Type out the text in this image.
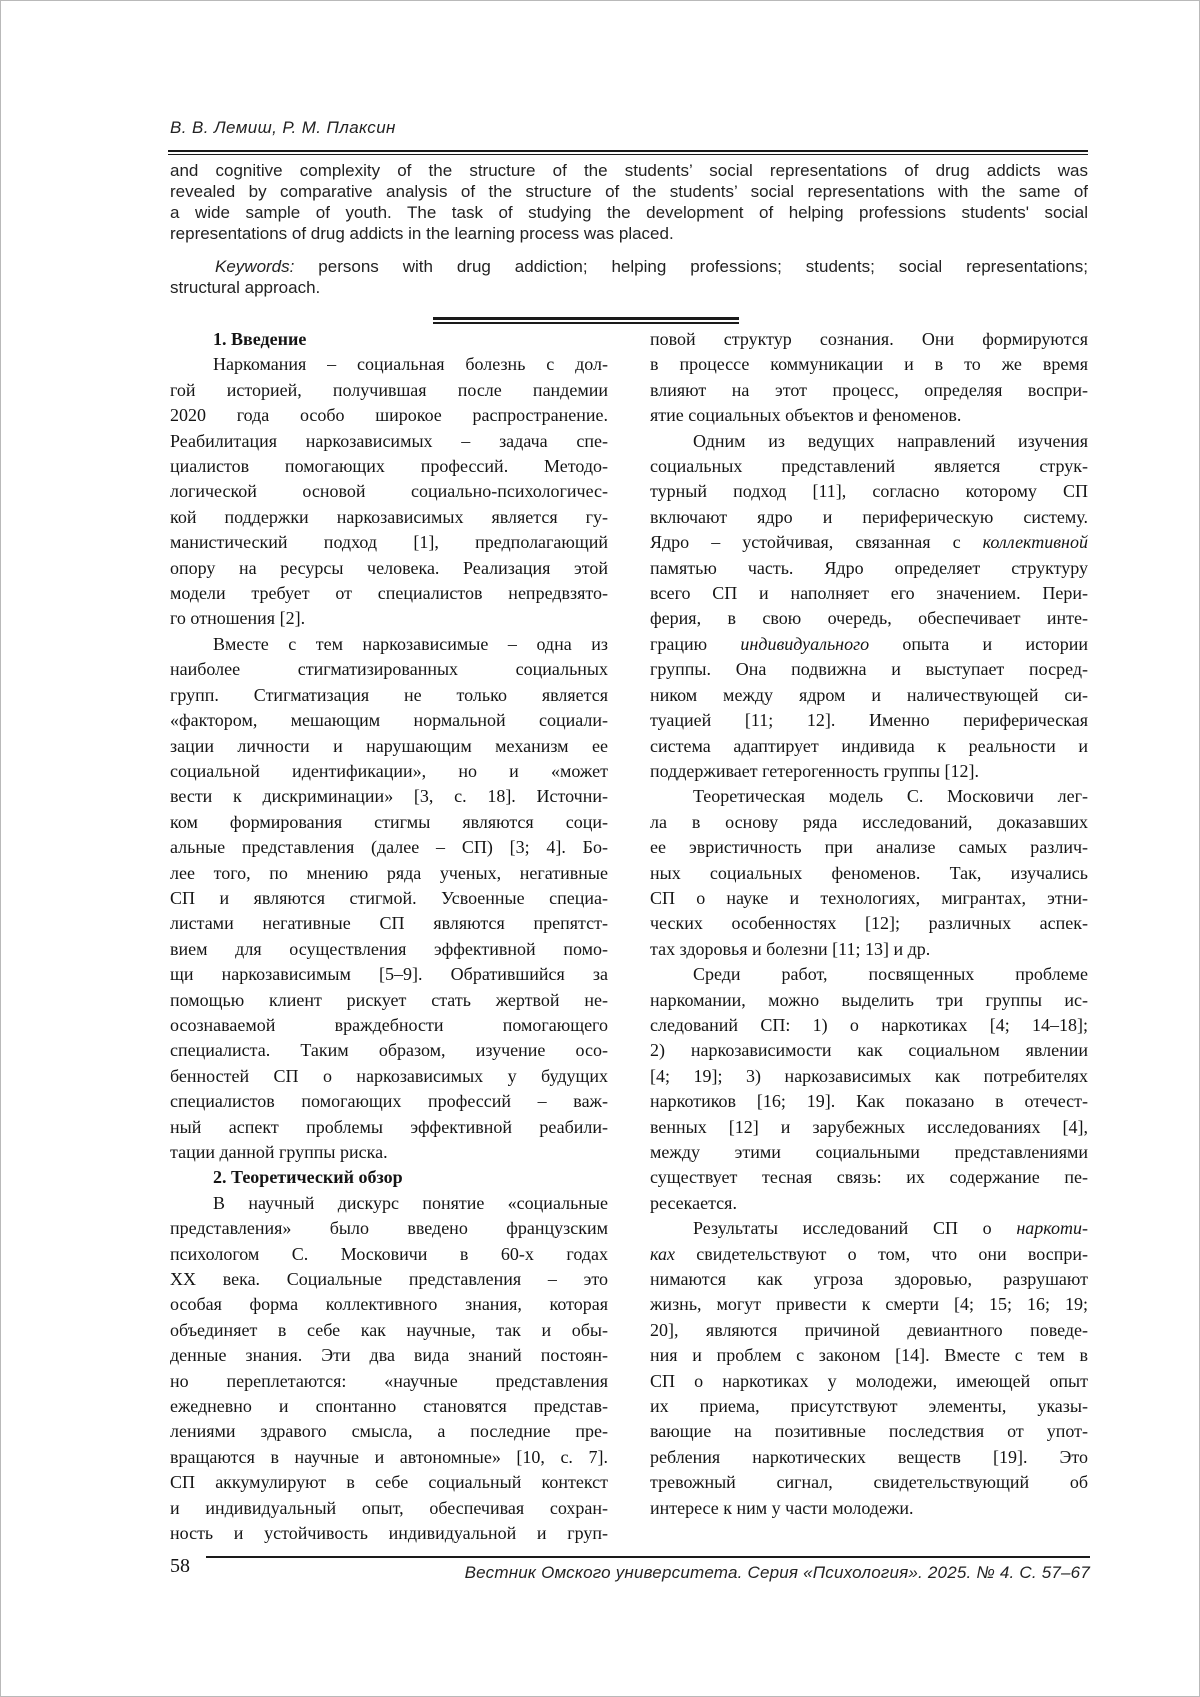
В. В. Лемиш, Р. М. Плаксин
and cognitive complexity of the structure of the students’ social representations of drug addicts was
revealed by comparative analysis of the structure of the students’ social representations with the same of
a wide sample of youth. The task of studying the development of helping professions students' social
representations of drug addicts in the learning process was placed.
Keywords: persons with drug addiction; helping professions; students; social representations;
structural approach.
1. Введение
Наркомания – социальная болезнь с дол-
гой историей, получившая после пандемии
2020 года особо широкое распространение.
Реабилитация наркозависимых – задача спе-
циалистов помогающих профессий. Методо-
логической основой социально-психологичес-
кой поддержки наркозависимых является гу-
манистический подход [1], предполагающий
опору на ресурсы человека. Реализация этой
модели требует от специалистов непредвзято-
го отношения [2].
Вместе с тем наркозависимые – одна из
наиболее стигматизированных социальных
групп. Стигматизация не только является
«фактором, мешающим нормальной социали-
зации личности и нарушающим механизм ее
социальной идентификации», но и «может
вести к дискриминации» [3, с. 18]. Источни-
ком формирования стигмы являются соци-
альные представления (далее – СП) [3; 4]. Бо-
лее того, по мнению ряда ученых, негативные
СП и являются стигмой. Усвоенные специа-
листами негативные СП являются препятст-
вием для осуществления эффективной помо-
щи наркозависимым [5–9]. Обратившийся за
помощью клиент рискует стать жертвой не-
осознаваемой враждебности помогающего
специалиста. Таким образом, изучение осо-
бенностей СП о наркозависимых у будущих
специалистов помогающих профессий – важ-
ный аспект проблемы эффективной реабили-
тации данной группы риска.
2. Теоретический обзор
В научный дискурс понятие «социальные
представления» было введено французским
психологом С. Московичи в 60-х годах
XX века. Социальные представления – это
особая форма коллективного знания, которая
объединяет в себе как научные, так и обы-
денные знания. Эти два вида знаний постоян-
но переплетаются: «научные представления
ежедневно и спонтанно становятся представ-
лениями здравого смысла, а последние пре-
вращаются в научные и автономные» [10, с. 7].
СП аккумулируют в себе социальный контекст
и индивидуальный опыт, обеспечивая сохран-
ность и устойчивость индивидуальной и груп-
повой структур сознания. Они формируются
в процессе коммуникации и в то же время
влияют на этот процесс, определяя воспри-
ятие социальных объектов и феноменов.
Одним из ведущих направлений изучения
социальных представлений является струк-
турный подход [11], согласно которому СП
включают ядро и периферическую систему.
Ядро – устойчивая, связанная с коллективной
памятью часть. Ядро определяет структуру
всего СП и наполняет его значением. Пери-
ферия, в свою очередь, обеспечивает инте-
грацию индивидуального опыта и истории
группы. Она подвижна и выступает посред-
ником между ядром и наличествующей си-
туацией [11; 12]. Именно периферическая
система адаптирует индивида к реальности и
поддерживает гетерогенность группы [12].
Теоретическая модель С. Московичи лег-
ла в основу ряда исследований, доказавших
ее эвристичность при анализе самых различ-
ных социальных феноменов. Так, изучались
СП о науке и технологиях, мигрантах, этни-
ческих особенностях [12]; различных аспек-
тах здоровья и болезни [11; 13] и др.
Среди работ, посвященных проблеме
наркомании, можно выделить три группы ис-
следований СП: 1) о наркотиках [4; 14–18];
2) наркозависимости как социальном явлении
[4; 19]; 3) наркозависимых как потребителях
наркотиков [16; 19]. Как показано в отечест-
венных [12] и зарубежных исследованиях [4],
между этими социальными представлениями
существует тесная связь: их содержание пе-
ресекается.
Результаты исследований СП о наркоти-
ках свидетельствуют о том, что они воспри-
нимаются как угроза здоровью, разрушают
жизнь, могут привести к смерти [4; 15; 16; 19;
20], являются причиной девиантного поведе-
ния и проблем с законом [14]. Вместе с тем в
СП о наркотиках у молодежи, имеющей опыт
их приема, присутствуют элементы, указы-
вающие на позитивные последствия от упот-
ребления наркотических веществ [19]. Это
тревожный сигнал, свидетельствующий об
интересе к ним у части молодежи.
58	Вестник Омского университета. Серия «Психология». 2025. № 4. С. 57–67
